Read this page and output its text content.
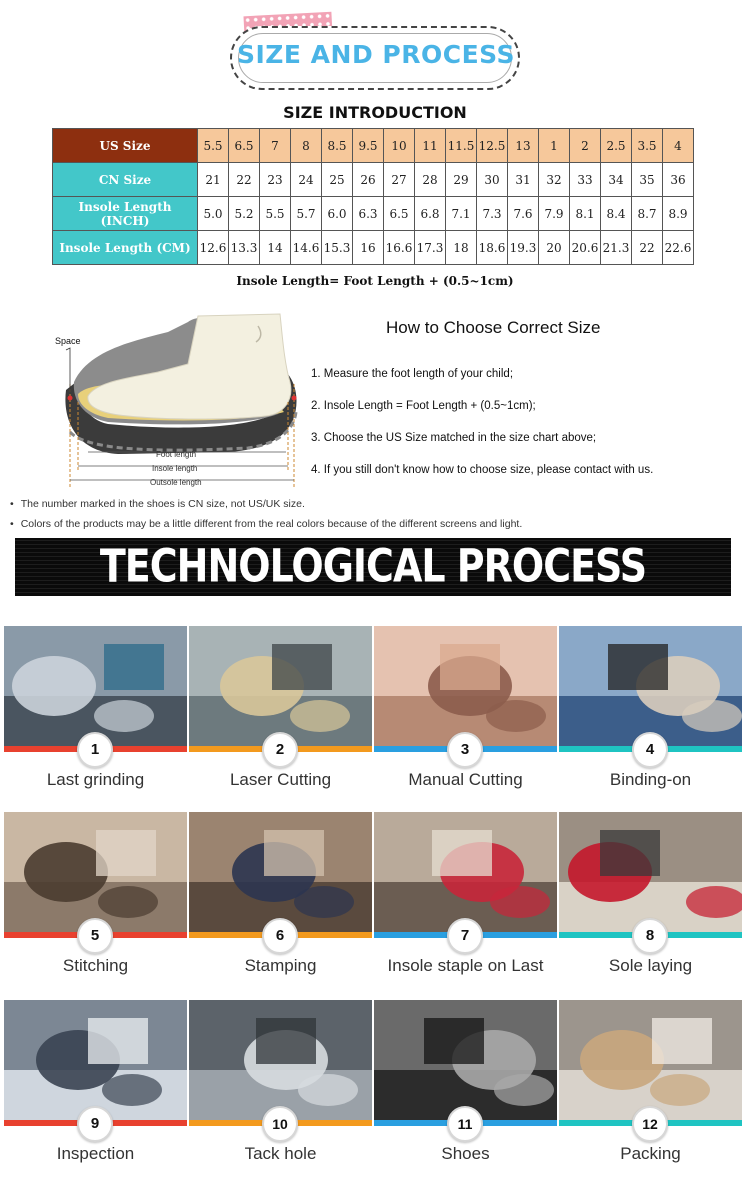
SIZE AND PROCESS
SIZE INTRODUCTION
US Size	5.5	6.5	7	8	8.5	9.5	10	11	11.5	12.5	13	1	2	2.5	3.5	4
CN Size	21	22	23	24	25	26	27	28	29	30	31	32	33	34	35	36
Insole Length (INCH)	5.0	5.2	5.5	5.7	6.0	6.3	6.5	6.8	7.1	7.3	7.6	7.9	8.1	8.4	8.7	8.9
Insole Length (CM)	12.6	13.3	14	14.6	15.3	16	16.6	17.3	18	18.6	19.3	20	20.6	21.3	22	22.6
Insole Length= Foot Length + (0.5~1cm)
Space
Foot length
Insole length
Outsole length
How to Choose Correct Size
1. Measure the foot length of your child;
2. Insole Length = Foot Length + (0.5~1cm);
3. Choose the US Size matched in the size chart above;
4. If you still don't know how to choose size, please contact with us.
• The number marked in the shoes is CN size, not US/UK size.
• Colors of the products may be a little different from the real colors because of the different screens and light.
TECHNOLOGICAL PROCESS
1
Last grinding
2
Laser Cutting
3
Manual Cutting
4
Binding-on
5
Stitching
6
Stamping
7
Insole staple on Last
8
Sole laying
9
Inspection
10
Tack hole
11
Shoes
12
Packing
